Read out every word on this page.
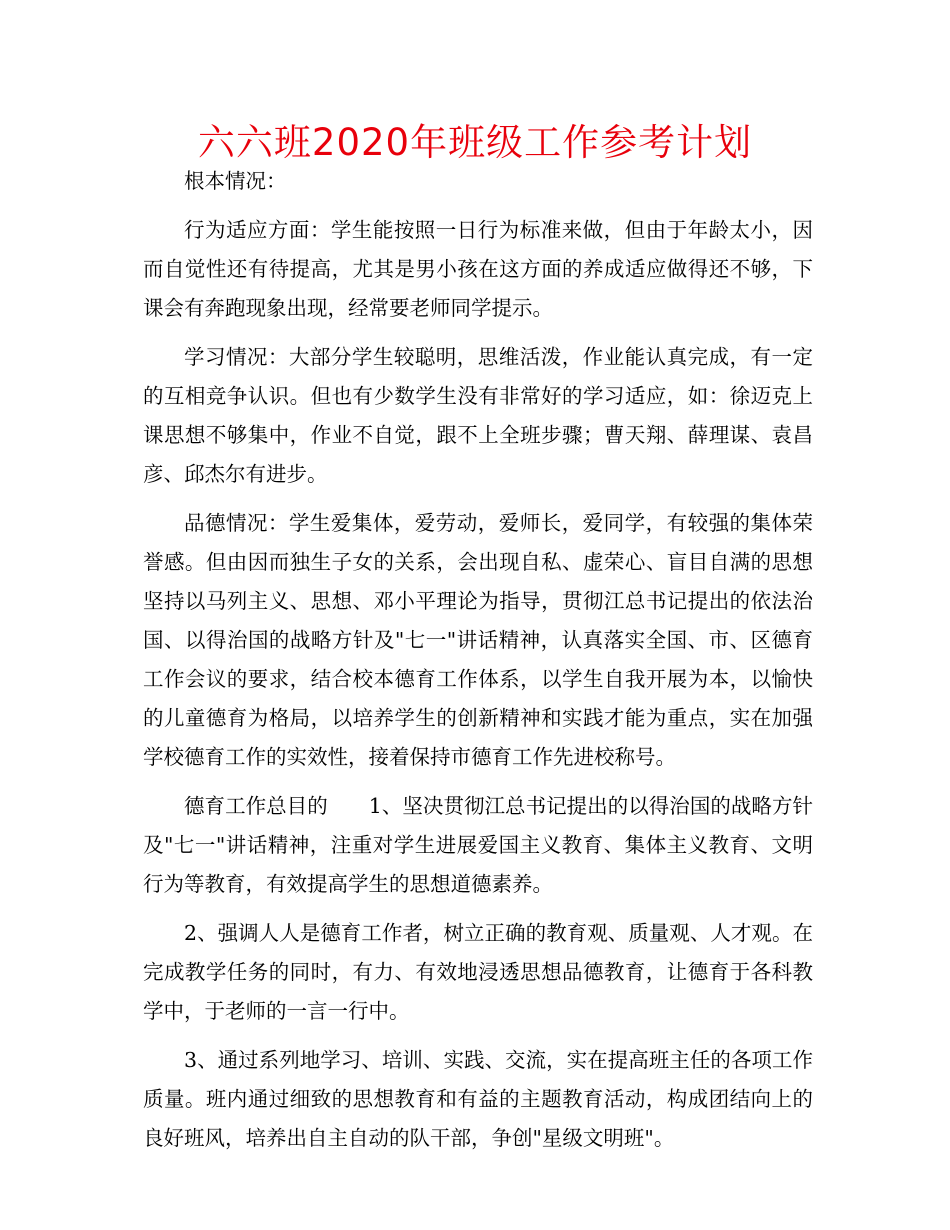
六六班2020年班级工作参考计划

根本情况：

行为适应方面：学生能按照一日行为标准来做，但由于年龄太小，因而自觉性还有待提高，尤其是男小孩在这方面的养成适应做得还不够，下课会有奔跑现象出现，经常要老师同学提示。

学习情况：大部分学生较聪明，思维活泼，作业能认真完成，有一定的互相竞争认识。但也有少数学生没有非常好的学习适应，如：徐迈克上课思想不够集中，作业不自觉，跟不上全班步骤；曹天翔、薛理谋、袁昌彦、邱杰尔有进步。

品德情况：学生爱集体，爱劳动，爱师长，爱同学，有较强的集体荣誉感。但由因而独生子女的关系，会出现自私、虚荣心、盲目自满的思想坚持以马列主义、思想、邓小平理论为指导，贯彻江总书记提出的依法治国、以得治国的战略方针及"七一"讲话精神，认真落实全国、市、区德育工作会议的要求，结合校本德育工作体系，以学生自我开展为本，以愉快的儿童德育为格局，以培养学生的创新精神和实践才能为重点，实在加强学校德育工作的实效性，接着保持市德育工作先进校称号。

德育工作总目的　　1、坚决贯彻江总书记提出的以得治国的战略方针及"七一"讲话精神，注重对学生进展爱国主义教育、集体主义教育、文明行为等教育，有效提高学生的思想道德素养。

2、强调人人是德育工作者，树立正确的教育观、质量观、人才观。在完成教学任务的同时，有力、有效地浸透思想品德教育，让德育于各科教学中，于老师的一言一行中。

3、通过系列地学习、培训、实践、交流，实在提高班主任的各项工作质量。班内通过细致的思想教育和有益的主题教育活动，构成团结向上的良好班风，培养出自主自动的队干部，争创"星级文明班"。
